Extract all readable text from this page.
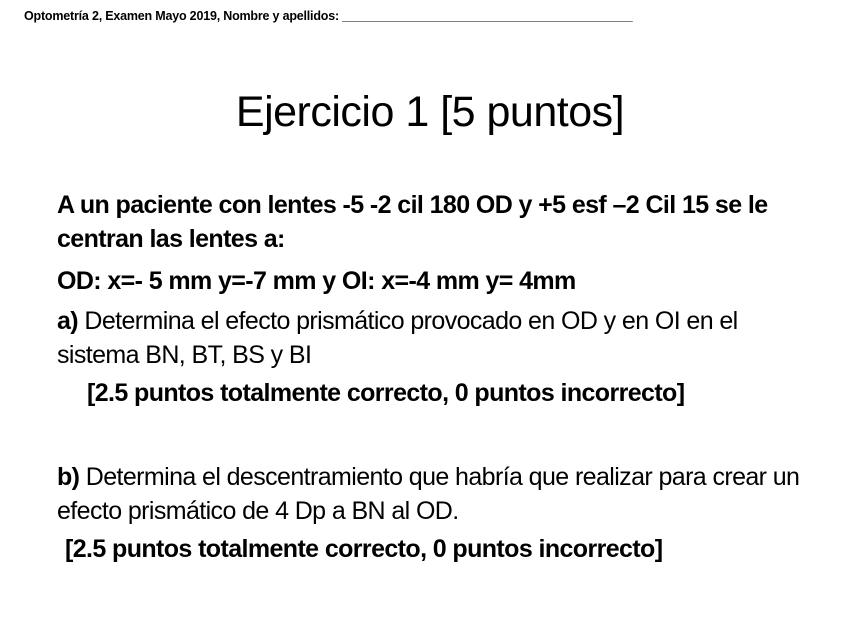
Optometría 2, Examen Mayo 2019, Nombre y apellidos: ___________________________________________
Ejercicio 1 [5 puntos]

A un paciente con lentes -5 -2 cil 180 OD y +5 esf –2 Cil 15 se le centran las lentes a:

OD: x=- 5 mm y=-7 mm y OI: x=-4 mm y= 4mm

a) Determina el efecto prismático provocado en OD y en OI en el sistema BN, BT, BS y BI

[2.5 puntos totalmente correcto, 0 puntos incorrecto]

b) Determina el descentramiento que habría que realizar para crear un efecto prismático de 4 Dp a BN al OD.

[2.5 puntos totalmente correcto, 0 puntos incorrecto]
